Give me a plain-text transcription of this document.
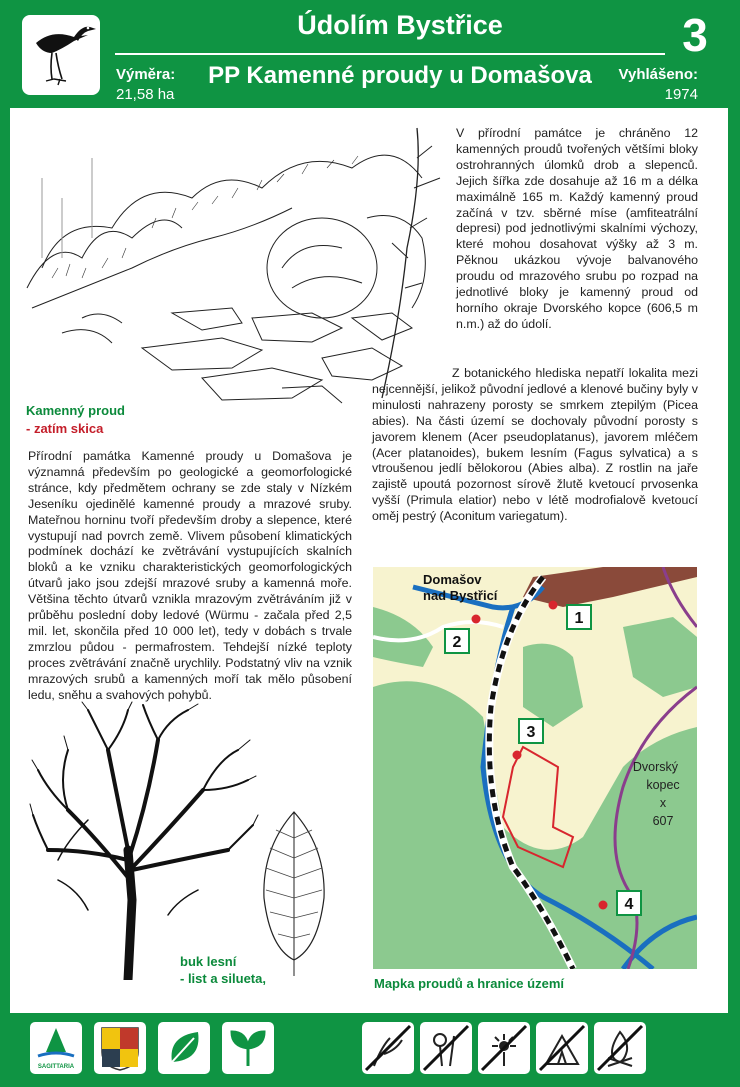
Údolím Bystřice
PP Kamenné proudy u Domašova
3
Výměra:
21,58 ha
Vyhlášeno:
1974
Kamenný proud
- zatím skica
V přírodní památce je chráněno 12 kamenných proudů tvořených většími bloky ostrohranných úlomků drob a slepenců. Jejich šířka zde dosahuje až 16 m a délka maximálně 165 m. Každý kamenný proud začíná v tzv. sběrné míse (amfiteatrální depresi) pod jednotlivými skalními výchozy, které mohou dosahovat výšky až 3 m. Pěknou ukázkou vývoje balvanového proudu od mrazového srubu po rozpad na jednotlivé bloky je kamenný proud od horního okraje Dvorského kopce (606,5 m n.m.) až do údolí.
Z botanického hlediska nepatří lokalita mezi nejcennější, jelikož původní jedlové a klenové bučiny byly v minulosti nahrazeny porosty se smrkem ztepilým (Picea abies). Na části území se dochovaly původní porosty s javorem klenem (Acer pseudoplatanus), javorem mléčem (Acer platanoides), bukem lesním (Fagus sylvatica) a s vtroušenou jedlí bělokorou (Abies alba). Z rostlin na jaře zajistě upoutá pozornost sírově žlutě kvetoucí prvosenka vyšší (Primula elatior) nebo v létě modrofialově kvetoucí oměj pestrý (Aconitum variegatum).
Přírodní památka Kamenné proudy u Domašova je významná především po geologické a geomorfologické stránce, kdy předmětem ochrany se zde staly v Nízkém Jeseníku ojedinělé kamenné proudy a mrazové sruby. Mateřnou horninu tvoří především droby a slepence, které vystupují nad povrch země. Vlivem působení klimatických podmínek dochází ke zvětrávání vystupujících skalních bloků a ke vzniku charakteristických geomorfologických útvarů jako jsou zdejší mrazové sruby a kamenná moře. Většina těchto útvarů vznikla mrazovým zvětráváním již v průběhu poslední doby ledové (Würmu - začala před 2,5 mil. let, skončila před 10 000 let), tedy v dobách s trvale zmrzlou půdou - permafrostem. Tehdejší nízké teploty proces zvětrávání značně urychlily. Podstatný vliv na vznik mrazových srubů a kamenných moří tak mělo působení ledu, sněhu a svahových pohybů.
buk lesní
- list a silueta,
Domašov
nad Bystřicí
Dvorský
kopec
x
607
1
2
3
4
Mapka proudů a hranice území
SAGITTARIA
